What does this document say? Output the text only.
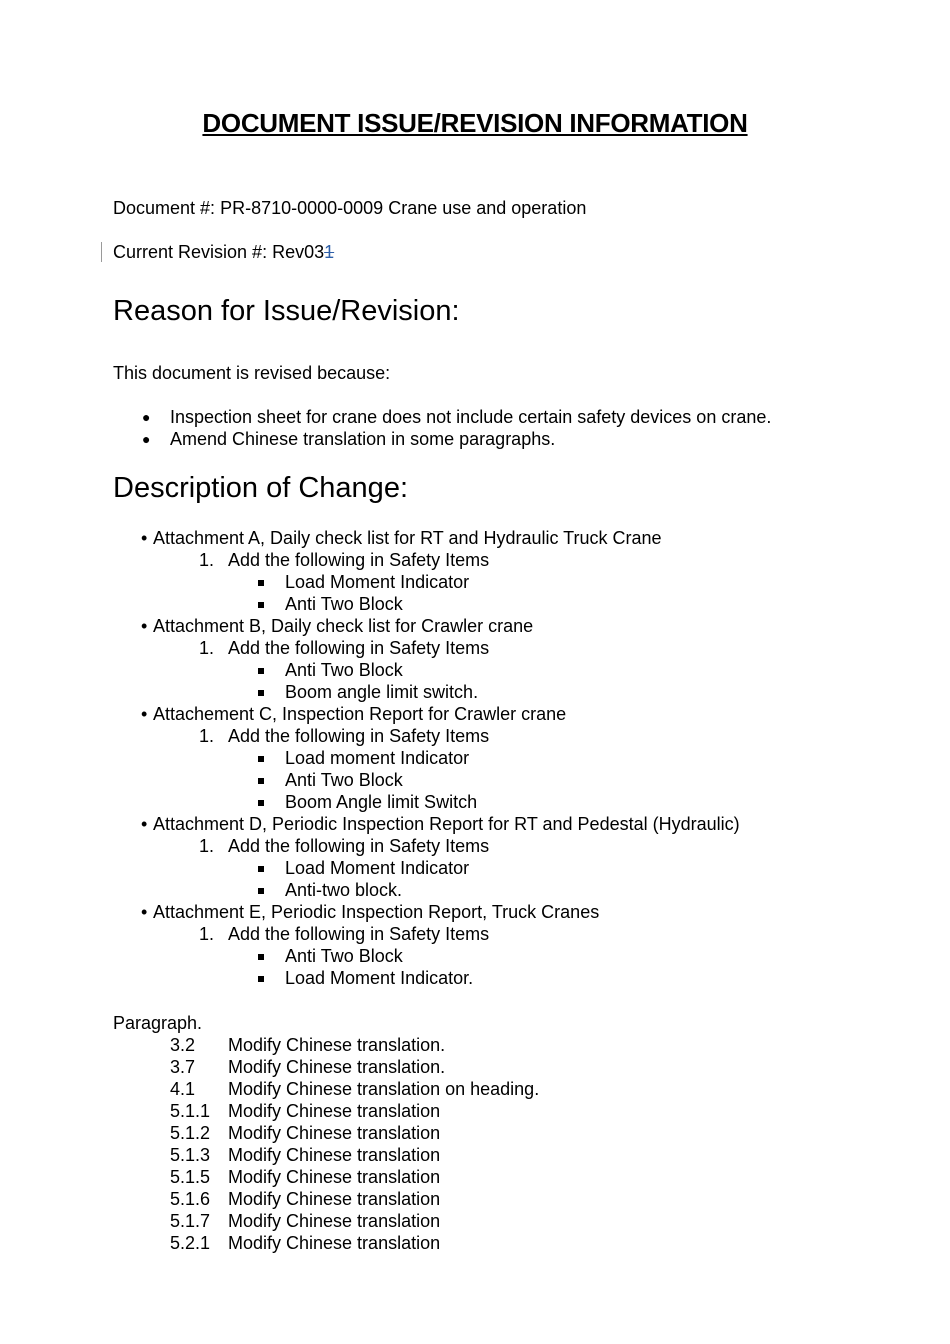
DOCUMENT ISSUE/REVISION INFORMATION
Document #: PR-8710-0000-0009 Crane use and operation
Current Revision #: Rev031
Reason for Issue/Revision:
This document is revised because:
● Inspection sheet for crane does not include certain safety devices on crane.
● Amend Chinese translation in some paragraphs.
Description of Change:
• Attachment A, Daily check list for RT and Hydraulic Truck Crane
1. Add the following in Safety Items
Load Moment Indicator
Anti Two Block
• Attachment B, Daily check list for Crawler crane
1. Add the following in Safety Items
Anti Two Block
Boom angle limit switch.
• Attachement C, Inspection Report for Crawler crane
1. Add the following in Safety Items
Load moment Indicator
Anti Two Block
Boom Angle limit Switch
• Attachment D, Periodic Inspection Report for RT and Pedestal (Hydraulic)
1. Add the following in Safety Items
Load Moment Indicator
Anti-two block.
• Attachment E, Periodic Inspection Report, Truck Cranes
1. Add the following in Safety Items
Anti Two Block
Load Moment Indicator.
Paragraph.
3.2 Modify Chinese translation.
3.7 Modify Chinese translation.
4.1 Modify Chinese translation on heading.
5.1.1 Modify Chinese translation
5.1.2 Modify Chinese translation
5.1.3 Modify Chinese translation
5.1.5 Modify Chinese translation
5.1.6 Modify Chinese translation
5.1.7 Modify Chinese translation
5.2.1 Modify Chinese translation
